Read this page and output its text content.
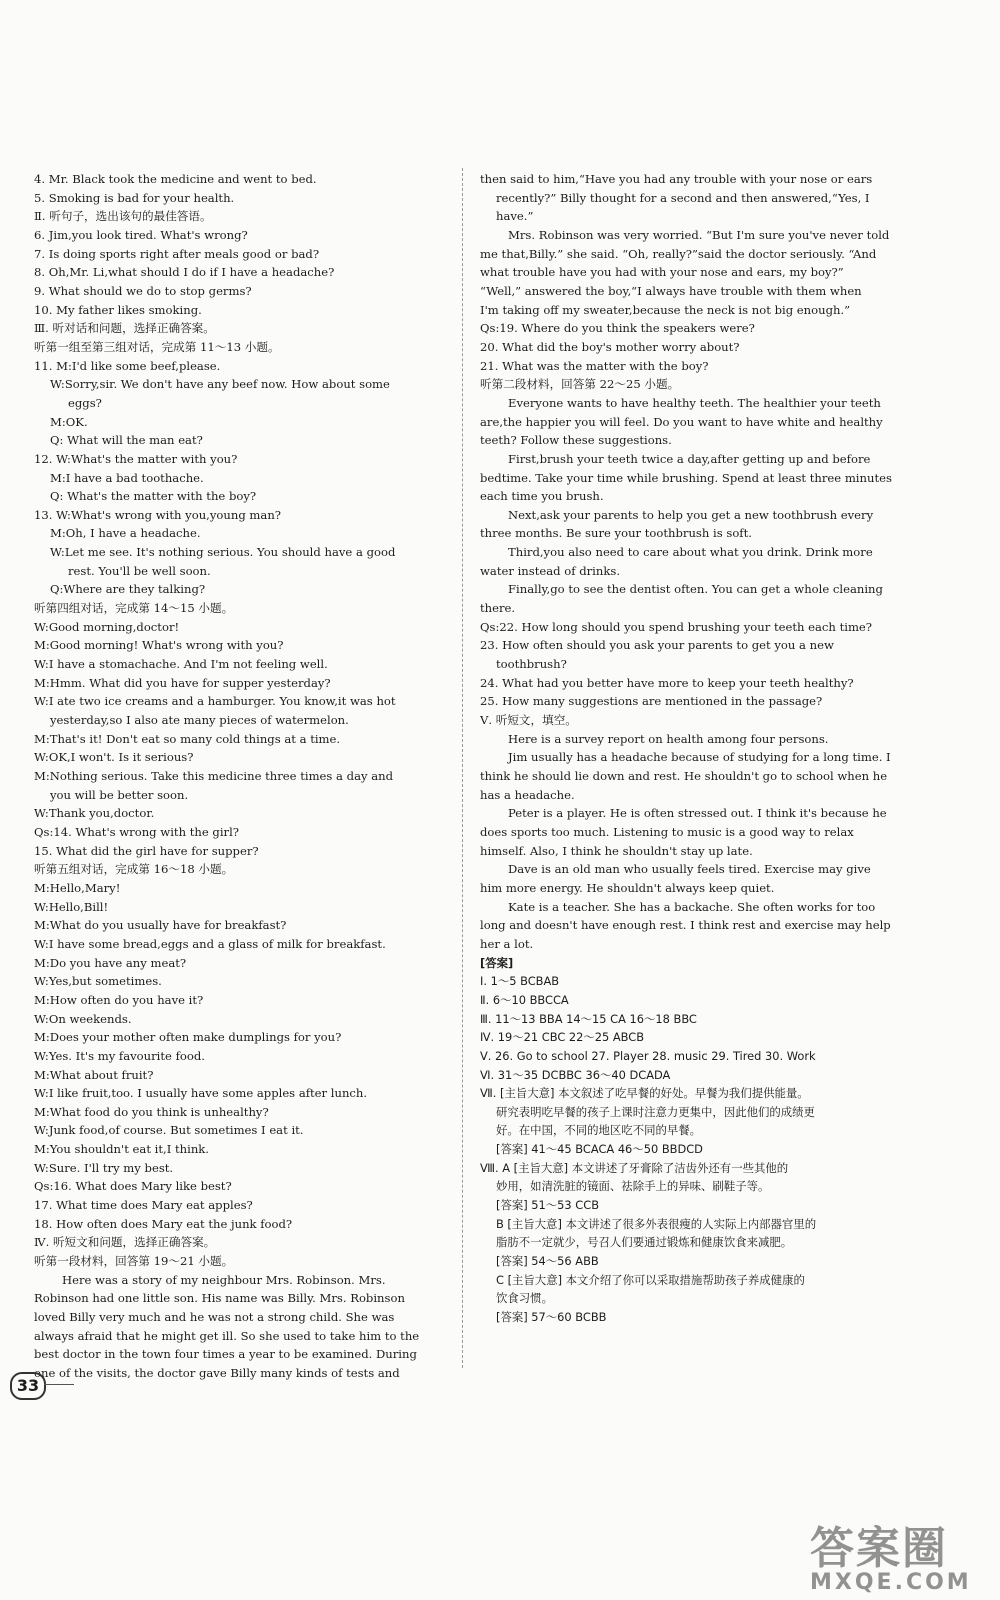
4. Mr. Black took the medicine and went to bed.
5. Smoking is bad for your health.
Ⅱ. 听句子，选出该句的最佳答语。
6. Jim,you look tired. What's wrong?
7. Is doing sports right after meals good or bad?
8. Oh,Mr. Li,what should I do if I have a headache?
9. What should we do to stop germs?
10. My father likes smoking.
Ⅲ. 听对话和问题，选择正确答案。
听第一组至第三组对话，完成第 11～13 小题。
11. M:I'd like some beef,please.
W:Sorry,sir. We don't have any beef now. How about some
eggs?
M:OK.
Q: What will the man eat?
12. W:What's the matter with you?
M:I have a bad toothache.
Q: What's the matter with the boy?
13. W:What's wrong with you,young man?
M:Oh, I have a headache.
W:Let me see. It's nothing serious. You should have a good
rest. You'll be well soon.
Q:Where are they talking?
听第四组对话，完成第 14～15 小题。
W:Good morning,doctor!
M:Good morning! What's wrong with you?
W:I have a stomachache. And I'm not feeling well.
M:Hmm. What did you have for supper yesterday?
W:I ate two ice creams and a hamburger. You know,it was hot
yesterday,so I also ate many pieces of watermelon.
M:That's it! Don't eat so many cold things at a time.
W:OK,I won't. Is it serious?
M:Nothing serious. Take this medicine three times a day and
you will be better soon.
W:Thank you,doctor.
Qs:14. What's wrong with the girl?
15. What did the girl have for supper?
听第五组对话，完成第 16～18 小题。
M:Hello,Mary!
W:Hello,Bill!
M:What do you usually have for breakfast?
W:I have some bread,eggs and a glass of milk for breakfast.
M:Do you have any meat?
W:Yes,but sometimes.
M:How often do you have it?
W:On weekends.
M:Does your mother often make dumplings for you?
W:Yes. It's my favourite food.
M:What about fruit?
W:I like fruit,too. I usually have some apples after lunch.
M:What food do you think is unhealthy?
W:Junk food,of course. But sometimes I eat it.
M:You shouldn't eat it,I think.
W:Sure. I'll try my best.
Qs:16. What does Mary like best?
17. What time does Mary eat apples?
18. How often does Mary eat the junk food?
Ⅳ. 听短文和问题，选择正确答案。
听第一段材料，回答第 19～21 小题。
Here was a story of my neighbour Mrs. Robinson. Mrs.
Robinson had one little son. His name was Billy. Mrs. Robinson
loved Billy very much and he was not a strong child. She was
always afraid that he might get ill. So she used to take him to the
best doctor in the town four times a year to be examined. During
one of the visits, the doctor gave Billy many kinds of tests and
then said to him,“Have you had any trouble with your nose or ears
recently?” Billy thought for a second and then answered,“Yes, I
have.”
Mrs. Robinson was very worried. “But I'm sure you've never told
me that,Billy.” she said. “Oh, really?”said the doctor seriously. “And
what trouble have you had with your nose and ears, my boy?”
“Well,” answered the boy,“I always have trouble with them when
I'm taking off my sweater,because the neck is not big enough.”
Qs:19. Where do you think the speakers were?
20. What did the boy's mother worry about?
21. What was the matter with the boy?
听第二段材料，回答第 22～25 小题。
Everyone wants to have healthy teeth. The healthier your teeth
are,the happier you will feel. Do you want to have white and healthy
teeth? Follow these suggestions.
First,brush your teeth twice a day,after getting up and before
bedtime. Take your time while brushing. Spend at least three minutes
each time you brush.
Next,ask your parents to help you get a new toothbrush every
three months. Be sure your toothbrush is soft.
Third,you also need to care about what you drink. Drink more
water instead of drinks.
Finally,go to see the dentist often. You can get a whole cleaning
there.
Qs:22. How long should you spend brushing your teeth each time?
23. How often should you ask your parents to get you a new
toothbrush?
24. What had you better have more to keep your teeth healthy?
25. How many suggestions are mentioned in the passage?
Ⅴ. 听短文，填空。
Here is a survey report on health among four persons.
Jim usually has a headache because of studying for a long time. I
think he should lie down and rest. He shouldn't go to school when he
has a headache.
Peter is a player. He is often stressed out. I think it's because he
does sports too much. Listening to music is a good way to relax
himself. Also, I think he shouldn't stay up late.
Dave is an old man who usually feels tired. Exercise may give
him more energy. He shouldn't always keep quiet.
Kate is a teacher. She has a backache. She often works for too
long and doesn't have enough rest. I think rest and exercise may help
her a lot.
[答案]
Ⅰ. 1～5 BCBAB
Ⅱ. 6～10 BBCCA
Ⅲ. 11～13 BBA 14～15 CA 16～18 BBC
Ⅳ. 19～21 CBC 22～25 ABCB
Ⅴ. 26. Go to school 27. Player 28. music 29. Tired 30. Work
Ⅵ. 31～35 DCBBC 36～40 DCADA
Ⅶ. [主旨大意] 本文叙述了吃早餐的好处。早餐为我们提供能量。
研究表明吃早餐的孩子上课时注意力更集中，因此他们的成绩更
好。在中国，不同的地区吃不同的早餐。
[答案] 41～45 BCACA 46～50 BBDCD
Ⅷ. A [主旨大意] 本文讲述了牙膏除了洁齿外还有一些其他的
妙用，如清洗脏的镜面、祛除手上的异味、刷鞋子等。
[答案] 51～53 CCB
B [主旨大意] 本文讲述了很多外表很瘦的人实际上内部器官里的
脂肪不一定就少，号召人们要通过锻炼和健康饮食来减肥。
[答案] 54～56 ABB
C [主旨大意] 本文介绍了你可以采取措施帮助孩子养成健康的
饮食习惯。
[答案] 57～60 BCBB
33
答案圈
MXQE.COM
